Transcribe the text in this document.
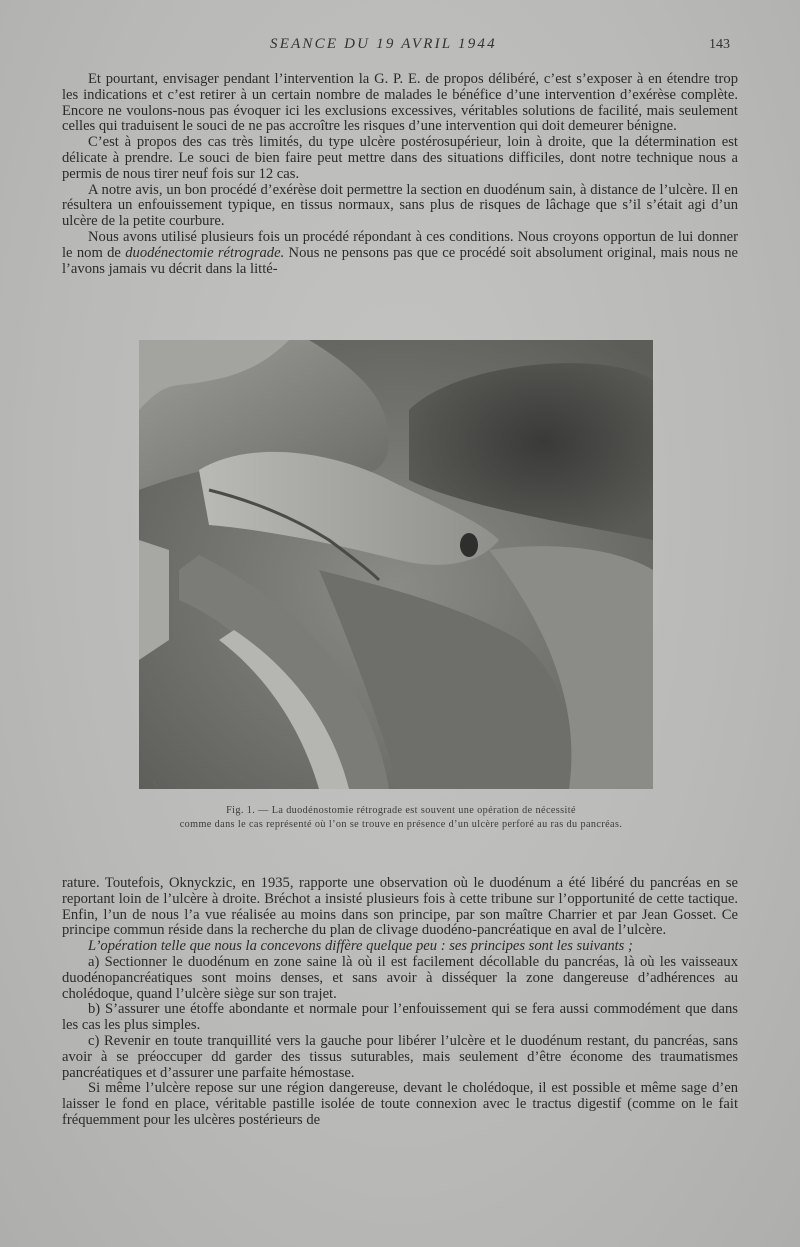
SEANCE DU 19 AVRIL 1944	143

Et pourtant, envisager pendant l’intervention la G. P. E. de propos délibéré, c’est s’exposer à en étendre trop les indications et c’est retirer à un certain nombre de malades le bénéfice d’une intervention d’exérèse complète. Encore ne voulons-nous pas évoquer ici les exclusions excessives, véritables solutions de facilité, mais seulement celles qui traduisent le souci de ne pas accroître les risques d’une intervention qui doit demeurer bénigne.

C’est à propos des cas très limités, du type ulcère postérosupérieur, loin à droite, que la détermination est délicate à prendre. Le souci de bien faire peut mettre dans des situations difficiles, dont notre technique nous a permis de nous tirer neuf fois sur 12 cas.

A notre avis, un bon procédé d’exérèse doit permettre la section en duodénum sain, à distance de l’ulcère. Il en résultera un enfouissement typique, en tissus normaux, sans plus de risques de lâchage que s’il s’était agi d’un ulcère de la petite courbure.

Nous avons utilisé plusieurs fois un procédé répondant à ces conditions. Nous croyons opportun de lui donner le nom de duodénectomie rétrograde. Nous ne pensons pas que ce procédé soit absolument original, mais nous ne l’avons jamais vu décrit dans la litté-

L
Fig. 1. — La duodénostomie rétrograde est souvent une opération de nécessité
comme dans le cas représenté où l’on se trouve en présence d’un ulcère perforé au ras du pancréas.

rature. Toutefois, Oknyckzic, en 1935, rapporte une observation où le duodénum a été libéré du pancréas en se reportant loin de l’ulcère à droite. Bréchot a insisté plusieurs fois à cette tribune sur l’opportunité de cette tactique. Enfin, l’un de nous l’a vue réalisée au moins dans son principe, par son maître Charrier et par Jean Gosset. Ce principe commun réside dans la recherche du plan de clivage duodéno-pancréatique en aval de l’ulcère.

L’opération telle que nous la concevons diffère quelque peu : ses principes sont les suivants ;

a) Sectionner le duodénum en zone saine là où il est facilement décollable du pancréas, là où les vaisseaux duodénopancréatiques sont moins denses, et sans avoir à disséquer la zone dangereuse d’adhérences au cholédoque, quand l’ulcère siège sur son trajet.

b) S’assurer une étoffe abondante et normale pour l’enfouissement qui se fera aussi commodément que dans les cas les plus simples.

c) Revenir en toute tranquillité vers la gauche pour libérer l’ulcère et le duodénum restant, du pancréas, sans avoir à se préoccuper dd garder des tissus suturables, mais seulement d’être économe des traumatismes pancréatiques et d’assurer une parfaite hémostase.

Si même l’ulcère repose sur une région dangereuse, devant le cholédoque, il est possible et même sage d’en laisser le fond en place, véritable pastille isolée de toute connexion avec le tractus digestif (comme on le fait fréquemment pour les ulcères postérieurs de
